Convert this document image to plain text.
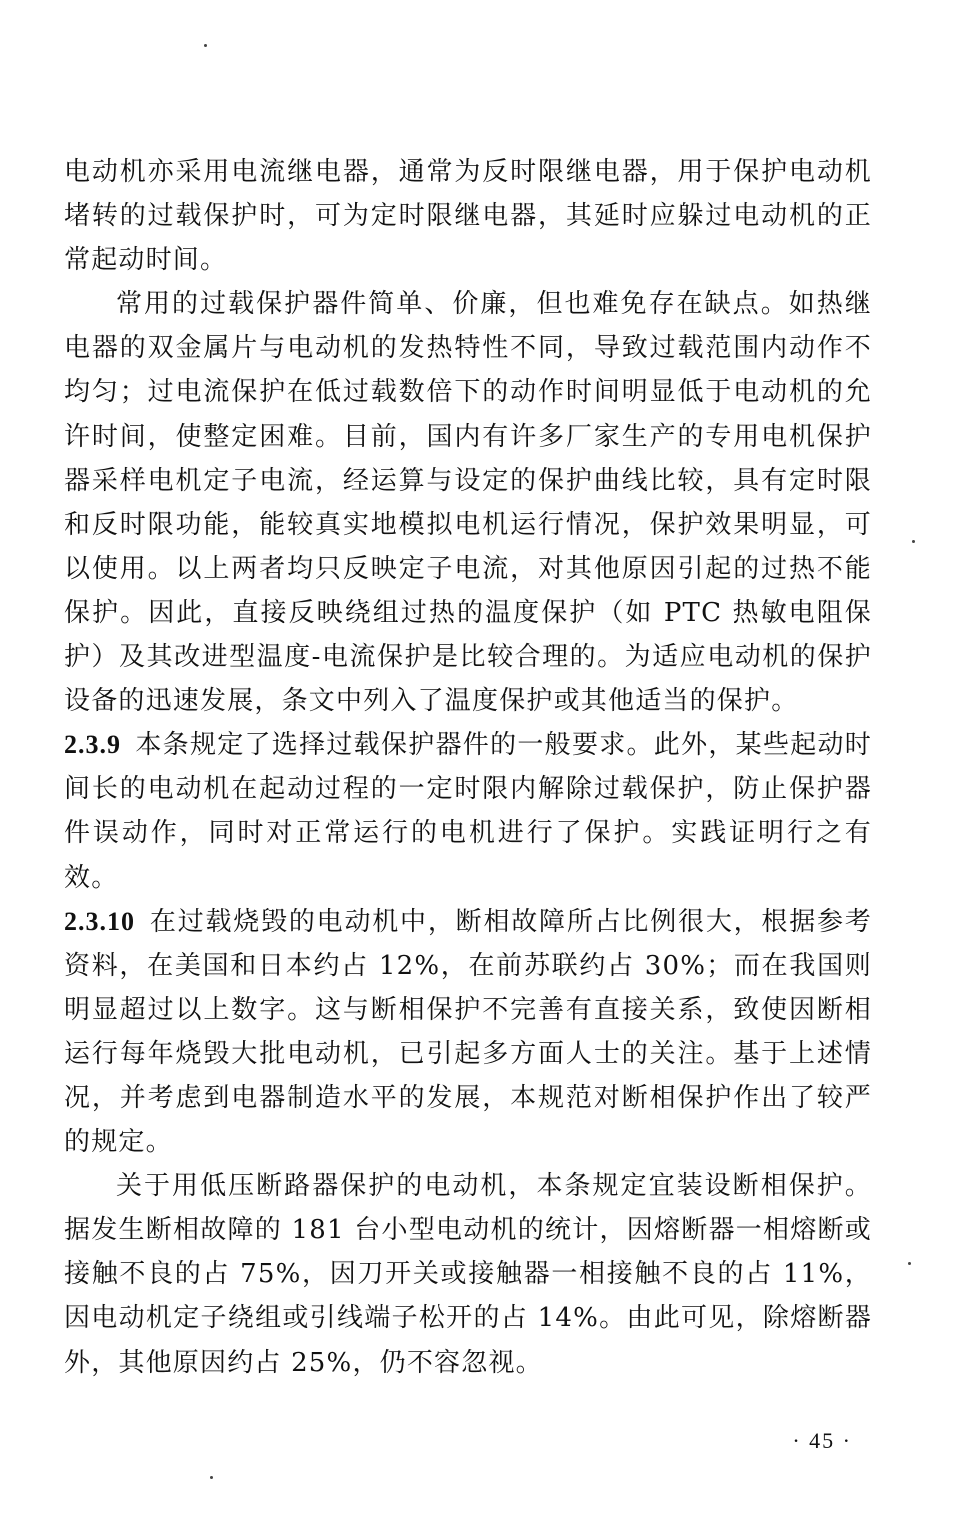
电动机亦采用电流继电器，通常为反时限继电器，用于保护电动机堵转的过载保护时，可为定时限继电器，其延时应躲过电动机的正常起动时间。

常用的过载保护器件简单、价廉，但也难免存在缺点。如热继电器的双金属片与电动机的发热特性不同，导致过载范围内动作不均匀；过电流保护在低过载数倍下的动作时间明显低于电动机的允许时间，使整定困难。目前，国内有许多厂家生产的专用电机保护器采样电机定子电流，经运算与设定的保护曲线比较，具有定时限和反时限功能，能较真实地模拟电机运行情况，保护效果明显，可以使用。以上两者均只反映定子电流，对其他原因引起的过热不能保护。因此，直接反映绕组过热的温度保护（如 PTC 热敏电阻保护）及其改进型温度-电流保护是比较合理的。为适应电动机的保护设备的迅速发展，条文中列入了温度保护或其他适当的保护。

2.3.9 本条规定了选择过载保护器件的一般要求。此外，某些起动时间长的电动机在起动过程的一定时限内解除过载保护，防止保护器件误动作，同时对正常运行的电机进行了保护。实践证明行之有效。

2.3.10 在过载烧毁的电动机中，断相故障所占比例很大，根据参考资料，在美国和日本约占 12%，在前苏联约占 30%；而在我国则明显超过以上数字。这与断相保护不完善有直接关系，致使因断相运行每年烧毁大批电动机，已引起多方面人士的关注。基于上述情况，并考虑到电器制造水平的发展，本规范对断相保护作出了较严的规定。

关于用低压断路器保护的电动机，本条规定宜装设断相保护。据发生断相故障的 181 台小型电动机的统计，因熔断器一相熔断或接触不良的占 75%，因刀开关或接触器一相接触不良的占 11%，因电动机定子绕组或引线端子松开的占 14%。由此可见，除熔断器外，其他原因约占 25%，仍不容忽视。

· 45 ·
